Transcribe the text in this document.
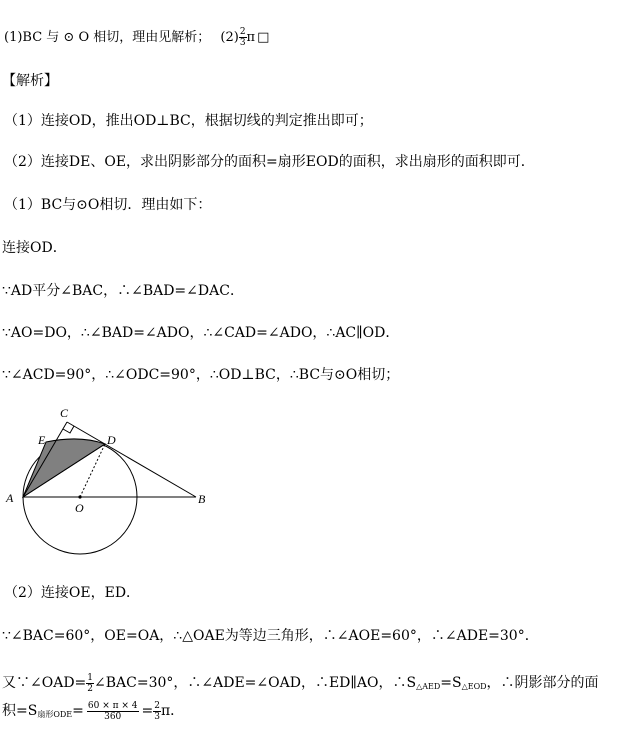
(1)BC 与 ⊙ O 相切，理由见解析； $(2) \frac{2}{3}$ π □
【解析】
（1）连接OD，推出OD⊥BC，根据切线的判定推出即可；
（2）连接DE、OE，求出阴影部分的面积=扇形EOD的面积，求出扇形的面积即可．
（1）BC与⊙O相切．理由如下：
连接OD．
∵AD平分∠BAC，∴∠BAD=∠DAC．
∵AO=DO，∴∠BAD=∠ADO，∴∠CAD=∠ADO，∴AC∥OD．
∵∠ACD=90°，∴∠ODC=90°，∴OD⊥BC，∴BC与⊙O相切；
C
E	D
A	B
O
（2）连接OE，ED．
∵∠BAC=60°，OE=OA，∴△OAE为等边三角形，∴∠AOE=60°，∴∠ADE=30°．
又∵∠OAD= $\frac{1}{2}$ ∠BAC=30°，∴∠ADE=∠OAD，∴ED∥AO，$\therefore S_{\triangle AED}=S_{\triangle EOD}$，∴阴影部分的面
积$=S_{扇形ODE}= \frac{60 \times \pi \times 4}{360} = \frac{2}{3}$ π．
